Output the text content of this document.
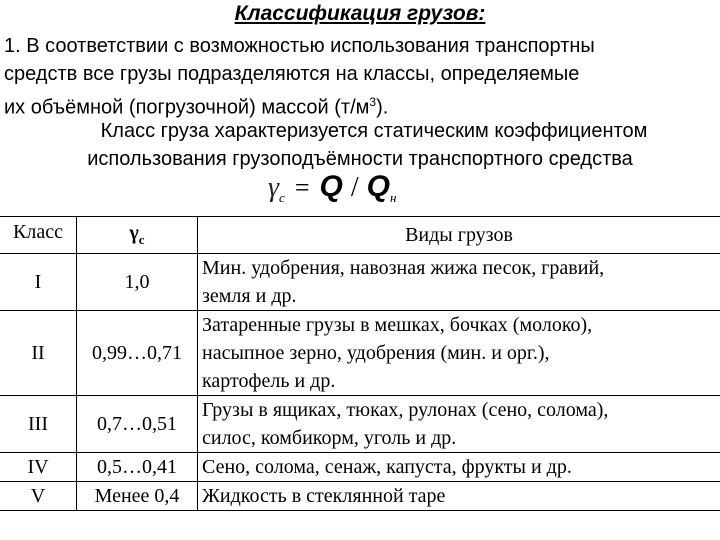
Классификация грузов:
1. В соответствии с возможностью использования транспортны
средств все грузы подразделяются на классы, определяемые
их объёмной (погрузочной) массой $(т/м^3)$.
Класс груза характеризуется статическим коэффициентом
использования грузоподъёмности транспортного средства
$\gamma_с = Q / Q_н$
Класс	$\gamma_с$	Виды грузов
I	1,0	Мин. удобрения, навозная жижа песок, гравий,
земля и др.

II	0,99…0,71	Затаренные грузы в мешках, бочках (молоко),
насыпное зерно, удобрения (мин. и орг.),
картофель и др.

III	0,7…0,51	Грузы в ящиках, тюках, рулонах (сено, солома),
силос, комбикорм, уголь и др.

IV	0,5…0,41	Сено, солома, сенаж, капуста, фрукты и др.

V	Менее 0,4	Жидкость в стеклянной таре
